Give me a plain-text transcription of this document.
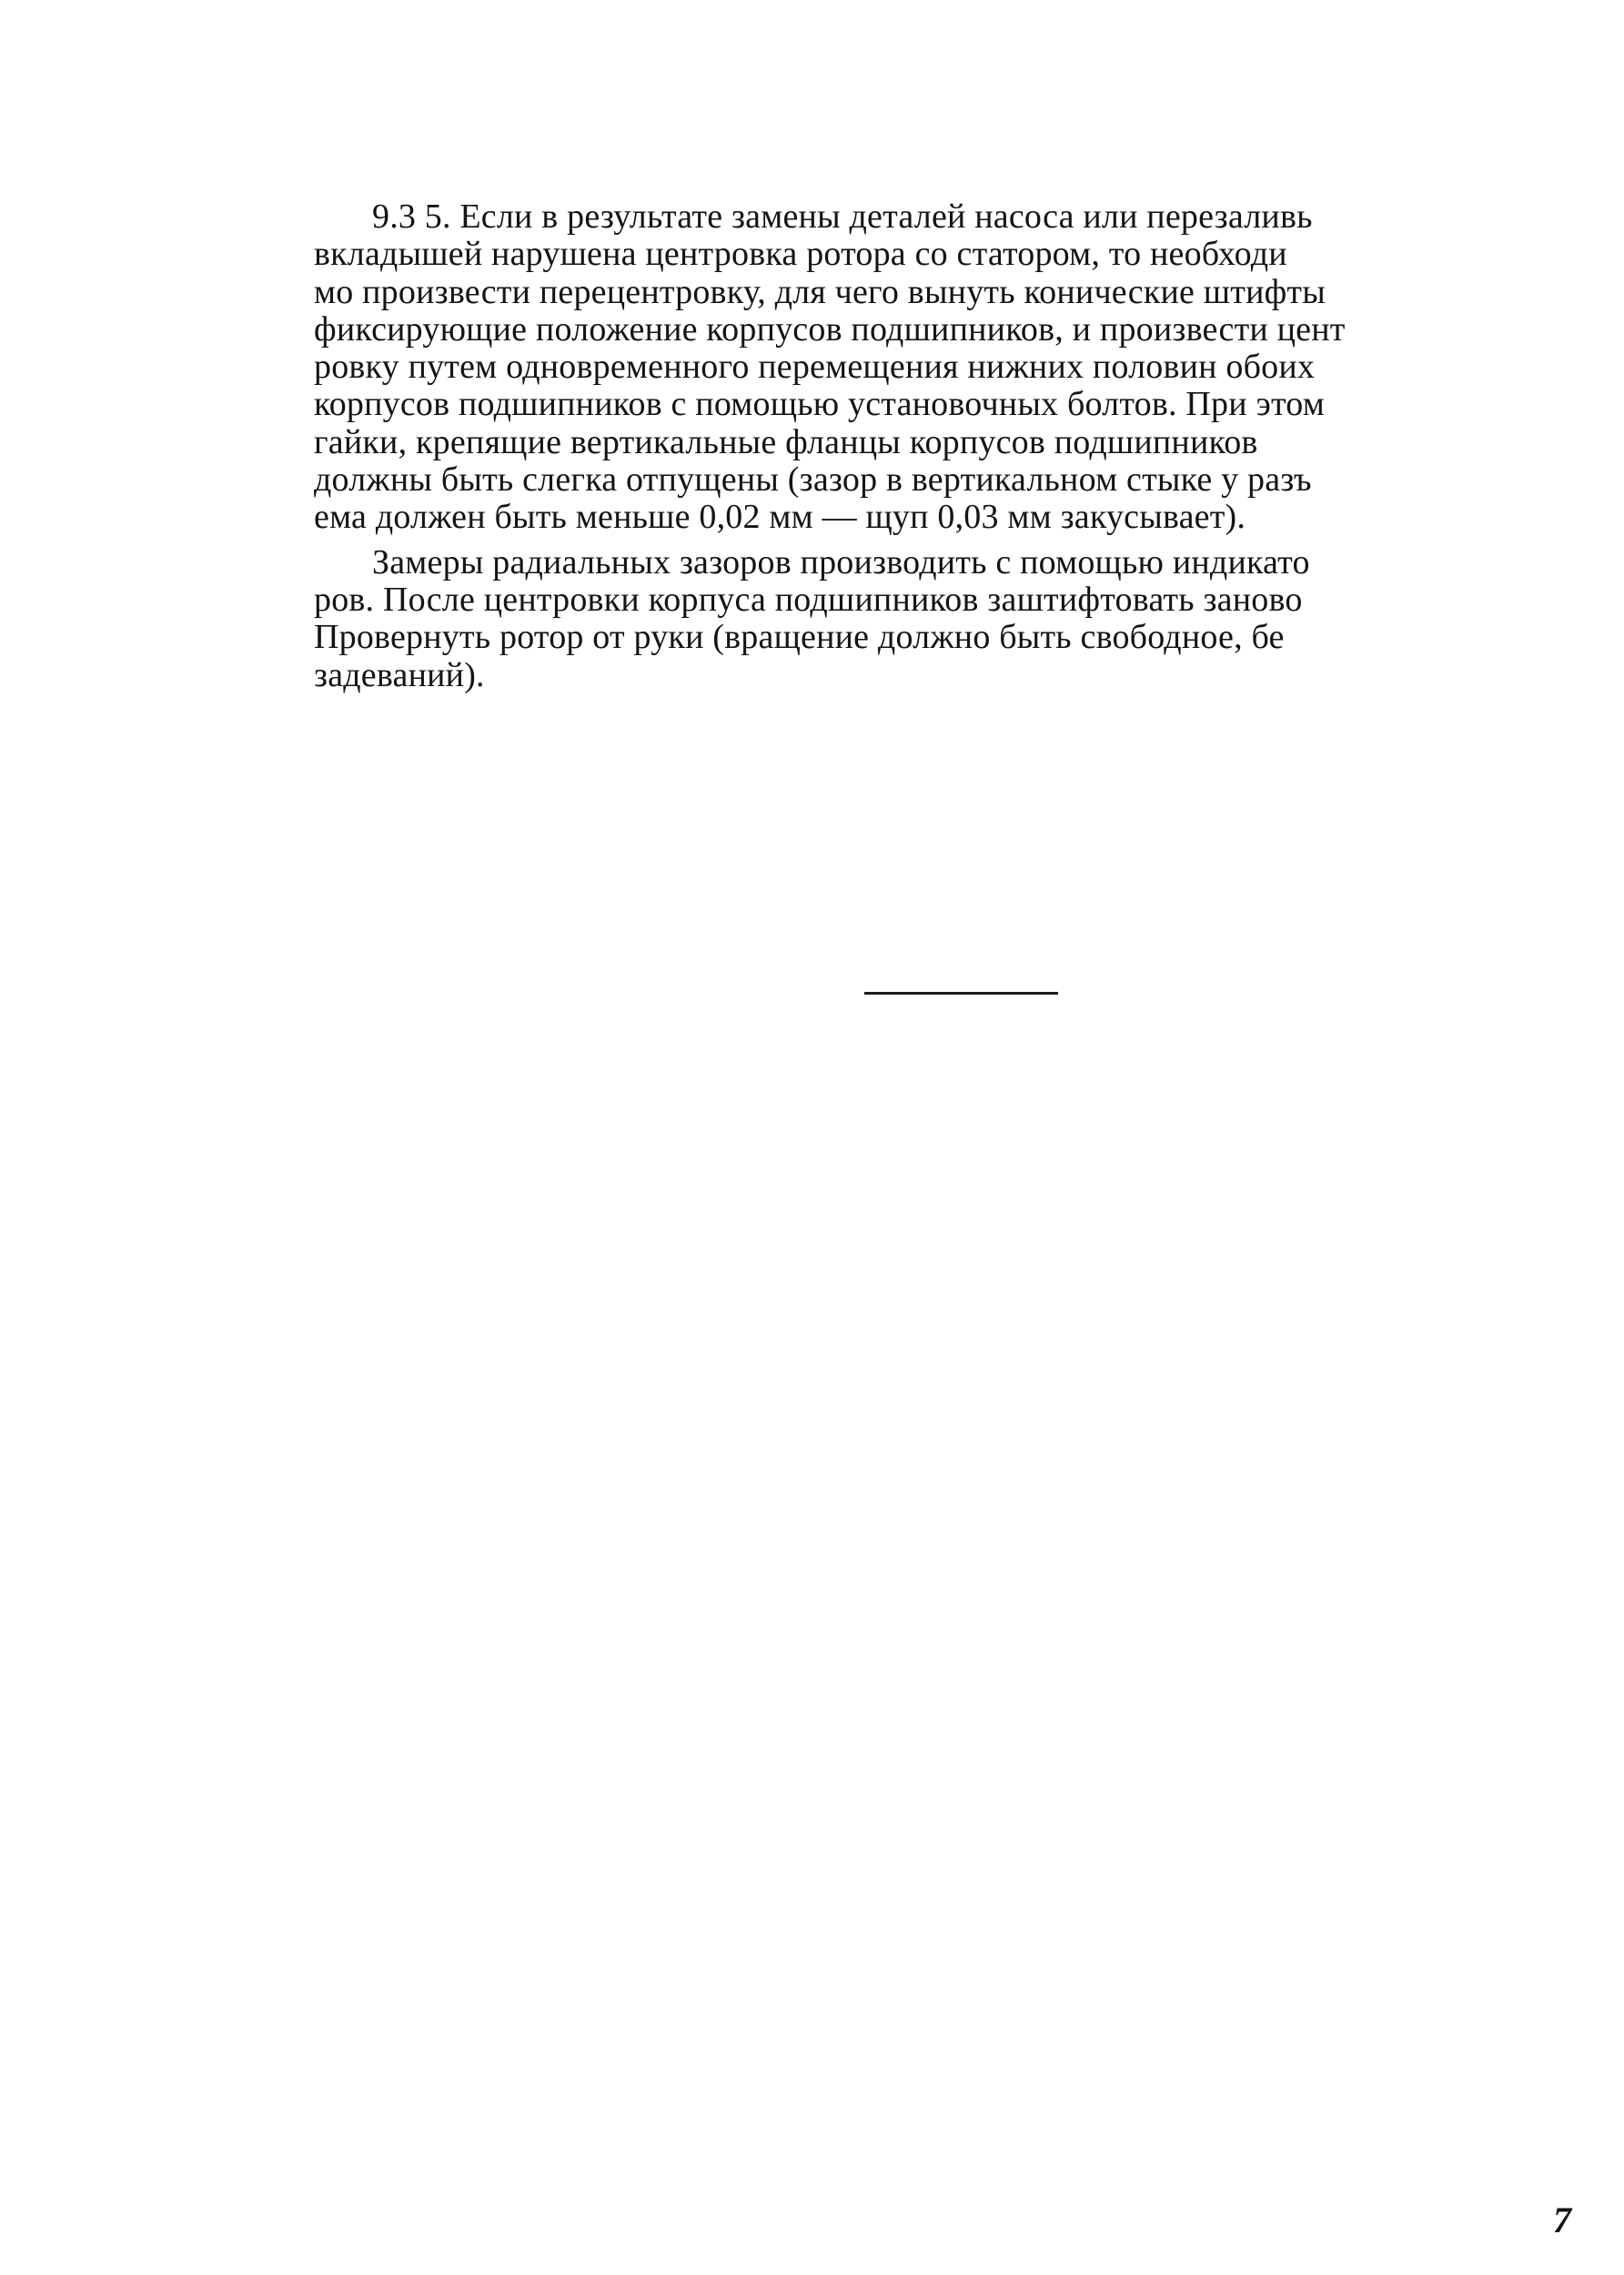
9.3 5. Если в результате замены деталей насоса или перезаливь
вкладышей нарушена центровка ротора со статором, то необходи
мо произвести перецентровку, для чего вынуть конические штифты
фиксирующие положение корпусов подшипников, и произвести цент
ровку путем одновременного перемещения нижних половин обоих
корпусов подшипников с помощью установочных болтов. При этом
гайки, крепящие вертикальные фланцы корпусов подшипников
должны быть слегка отпущены (зазор в вертикальном стыке у разъ
ема должен быть меньше 0,02 мм — щуп 0,03 мм закусывает).
Замеры радиальных зазоров производить с помощью индикато
ров. После центровки корпуса подшипников заштифтовать заново
Провернуть ротор от руки (вращение должно быть свободное, бе
задеваний).
7
